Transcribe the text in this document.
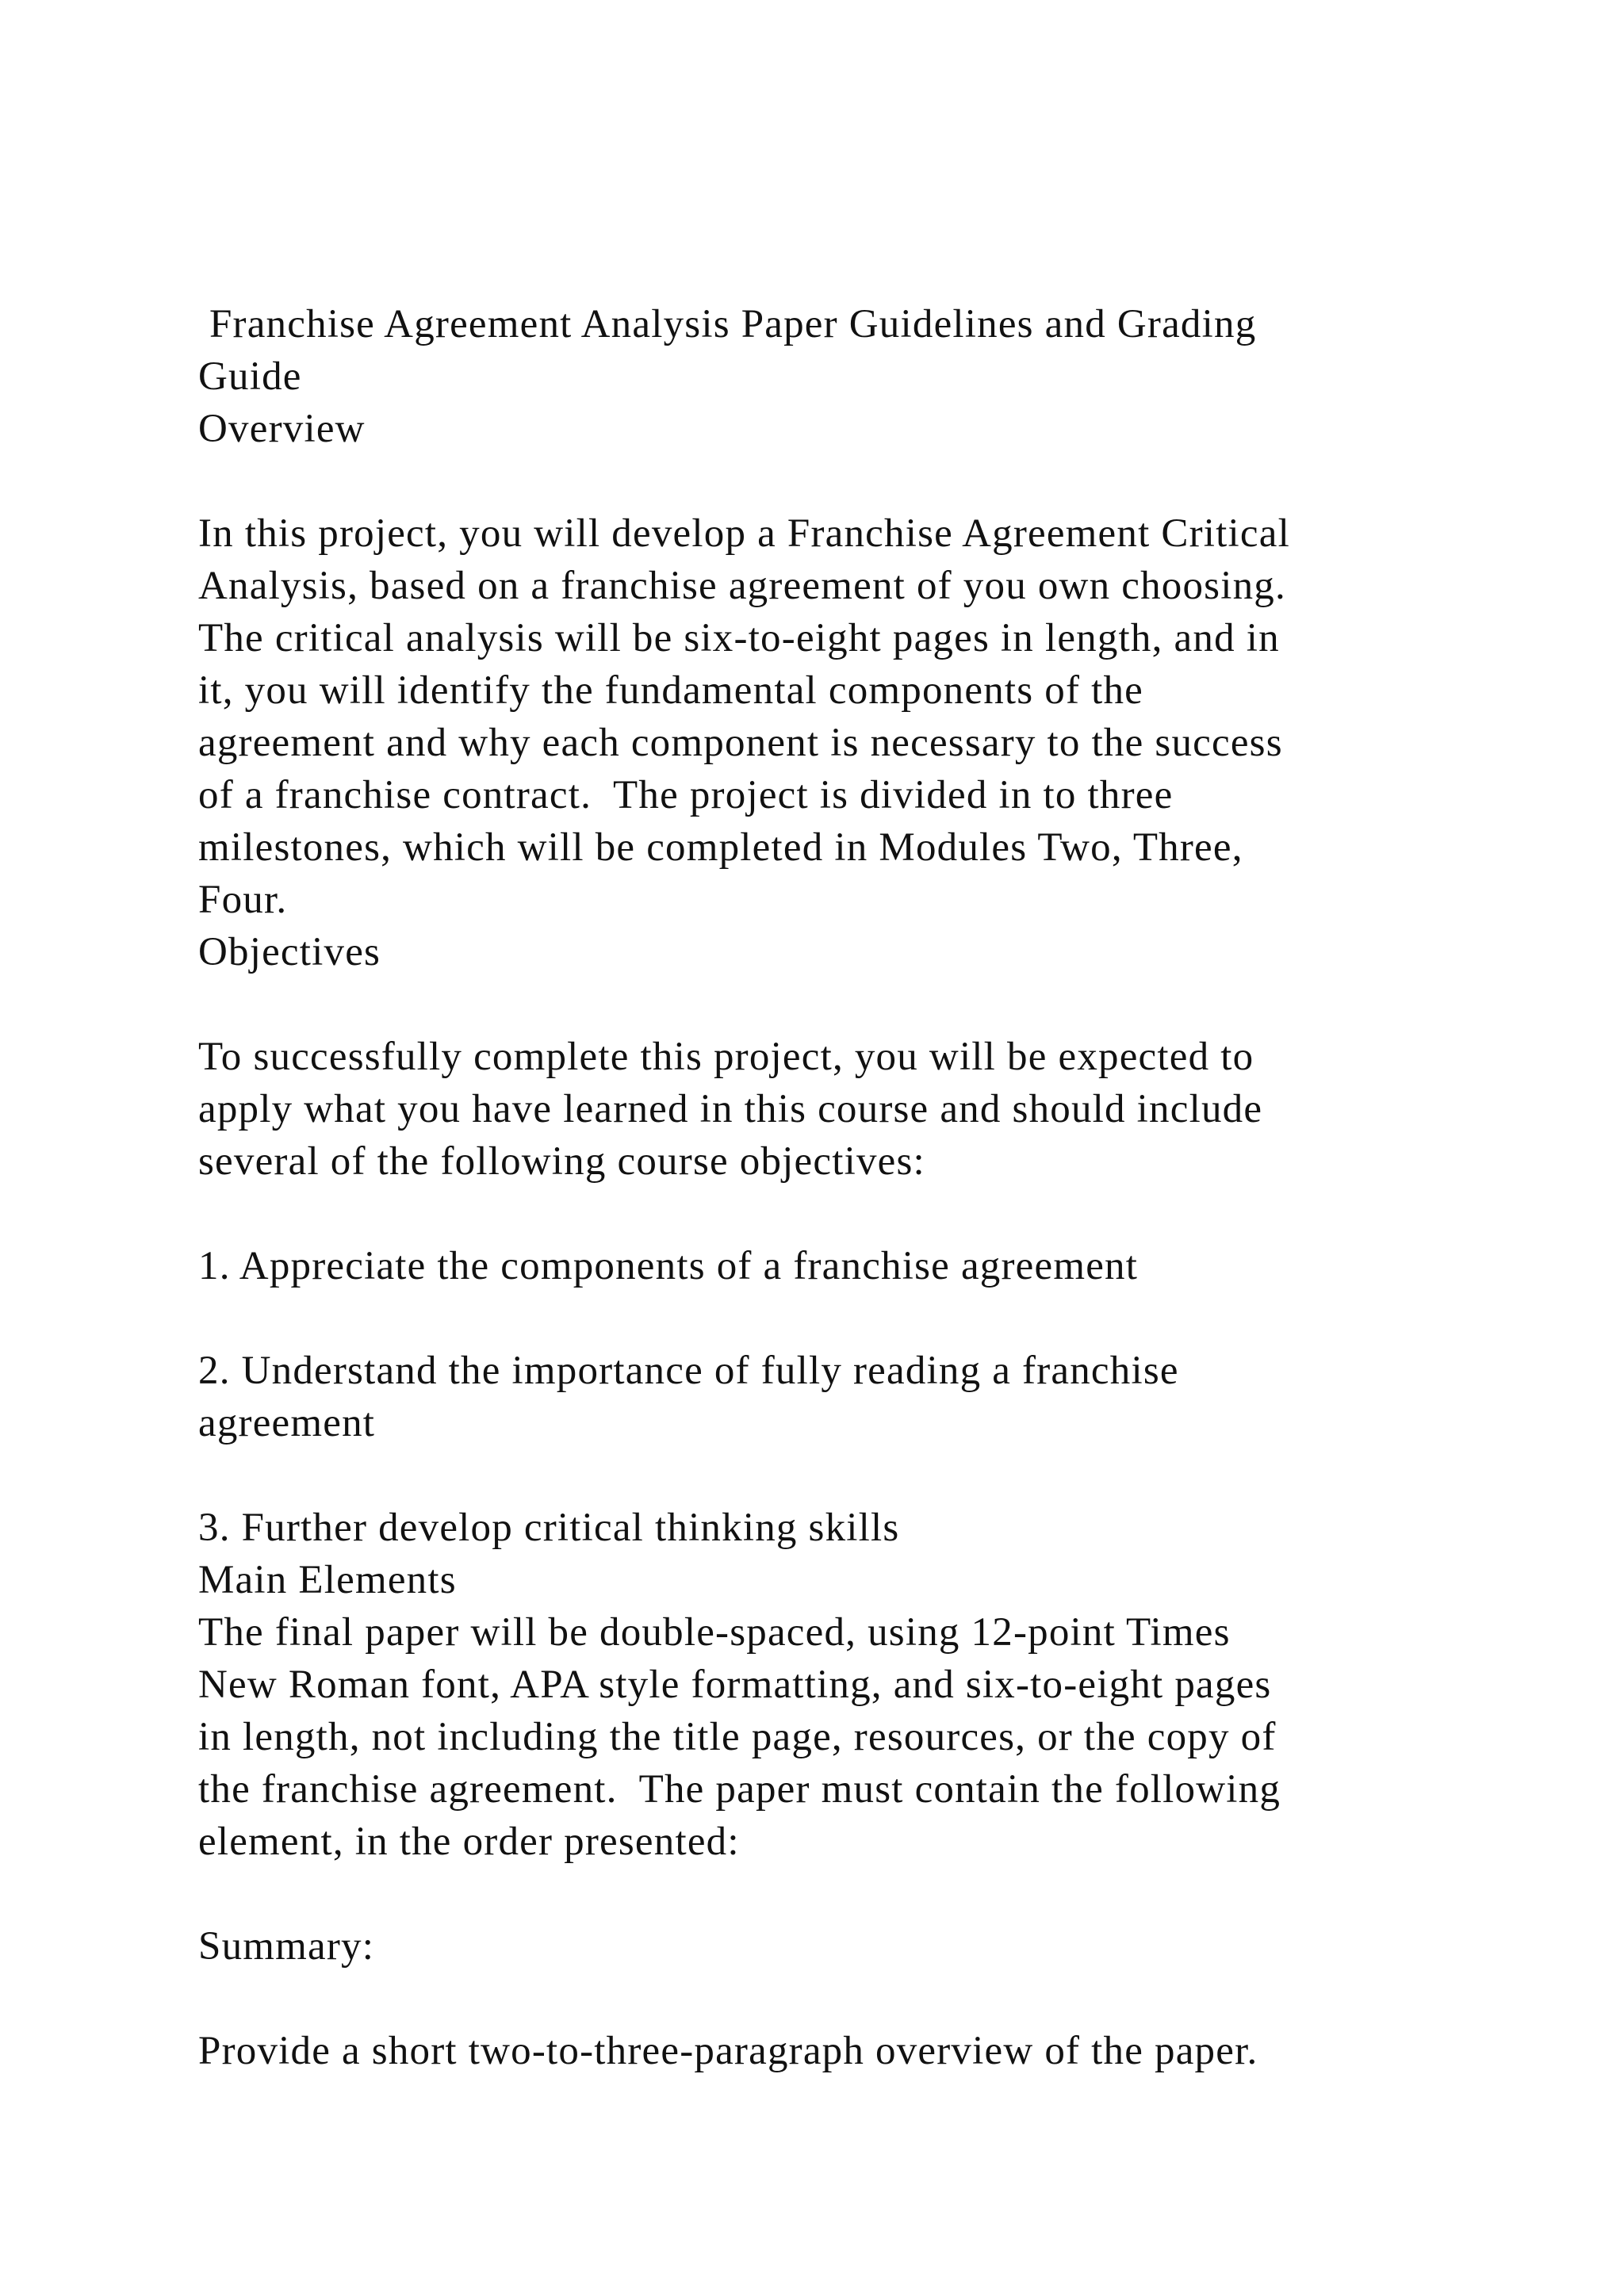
Franchise Agreement Analysis Paper Guidelines and Grading
Guide
Overview
In this project, you will develop a Franchise Agreement Critical
Analysis, based on a franchise agreement of you own choosing.
The critical analysis will be six-to-eight pages in length, and in
it, you will identify the fundamental components of the
agreement and why each component is necessary to the success
of a franchise contract.  The project is divided in to three
milestones, which will be completed in Modules Two, Three,
Four.
Objectives
To successfully complete this project, you will be expected to
apply what you have learned in this course and should include
several of the following course objectives:
1. Appreciate the components of a franchise agreement
2. Understand the importance of fully reading a franchise
agreement
3. Further develop critical thinking skills
Main Elements
The final paper will be double-spaced, using 12-point Times
New Roman font, APA style formatting, and six-to-eight pages
in length, not including the title page, resources, or the copy of
the franchise agreement.  The paper must contain the following
element, in the order presented:
Summary:
Provide a short two-to-three-paragraph overview of the paper.
